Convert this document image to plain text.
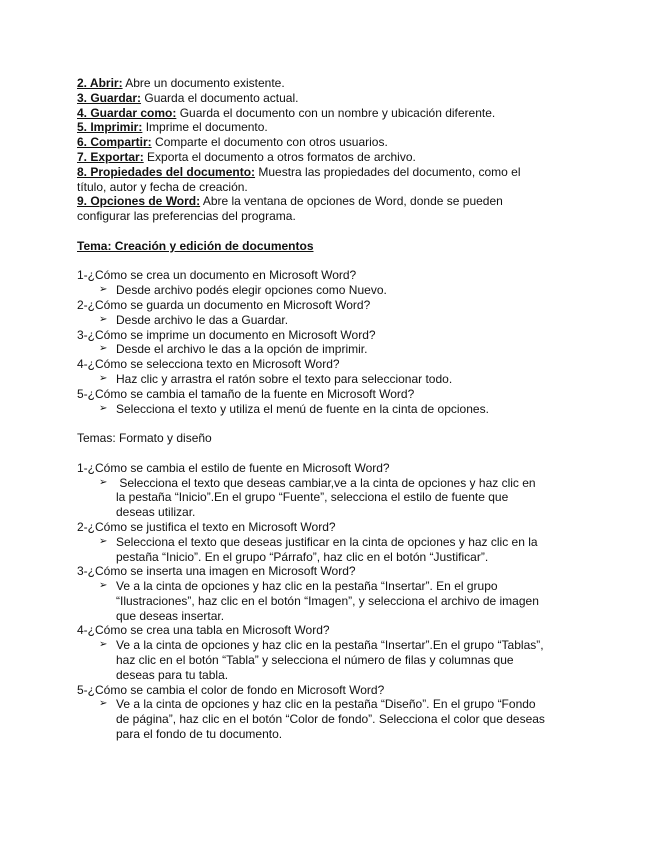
2. Abrir: Abre un documento existente.
3. Guardar: Guarda el documento actual.
4. Guardar como: Guarda el documento con un nombre y ubicación diferente.
5. Imprimir: Imprime el documento.
6. Compartir: Comparte el documento con otros usuarios.
7. Exportar: Exporta el documento a otros formatos de archivo.
8. Propiedades del documento: Muestra las propiedades del documento, como el
título, autor y fecha de creación.
9. Opciones de Word: Abre la ventana de opciones de Word, donde se pueden
configurar las preferencias del programa.
Tema: Creación y edición de documentos
1-¿Cómo se crea un documento en Microsoft Word?
➢ Desde archivo podés elegir opciones como Nuevo.
2-¿Cómo se guarda un documento en Microsoft Word?
➢ Desde archivo le das a Guardar.
3-¿Cómo se imprime un documento en Microsoft Word?
➢ Desde el archivo le das a la opción de imprimir.
4-¿Cómo se selecciona texto en Microsoft Word?
➢ Haz clic y arrastra el ratón sobre el texto para seleccionar todo.
5-¿Cómo se cambia el tamaño de la fuente en Microsoft Word?
➢ Selecciona el texto y utiliza el menú de fuente en la cinta de opciones.
Temas: Formato y diseño
1-¿Cómo se cambia el estilo de fuente en Microsoft Word?
➢ Selecciona el texto que deseas cambiar,ve a la cinta de opciones y haz clic en
la pestaña “Inicio”.En el grupo “Fuente”, selecciona el estilo de fuente que
deseas utilizar.
2-¿Cómo se justifica el texto en Microsoft Word?
➢ Selecciona el texto que deseas justificar en la cinta de opciones y haz clic en la
pestaña “Inicio”. En el grupo “Párrafo”, haz clic en el botón “Justificar”.
3-¿Cómo se inserta una imagen en Microsoft Word?
➢ Ve a la cinta de opciones y haz clic en la pestaña “Insertar”. En el grupo
“Ilustraciones”, haz clic en el botón “Imagen”, y selecciona el archivo de imagen
que deseas insertar.
4-¿Cómo se crea una tabla en Microsoft Word?
➢ Ve a la cinta de opciones y haz clic en la pestaña “Insertar”.En el grupo “Tablas”,
haz clic en el botón “Tabla” y selecciona el número de filas y columnas que
deseas para tu tabla.
5-¿Cómo se cambia el color de fondo en Microsoft Word?
➢ Ve a la cinta de opciones y haz clic en la pestaña “Diseño”. En el grupo “Fondo
de página”, haz clic en el botón “Color de fondo”. Selecciona el color que deseas
para el fondo de tu documento.
